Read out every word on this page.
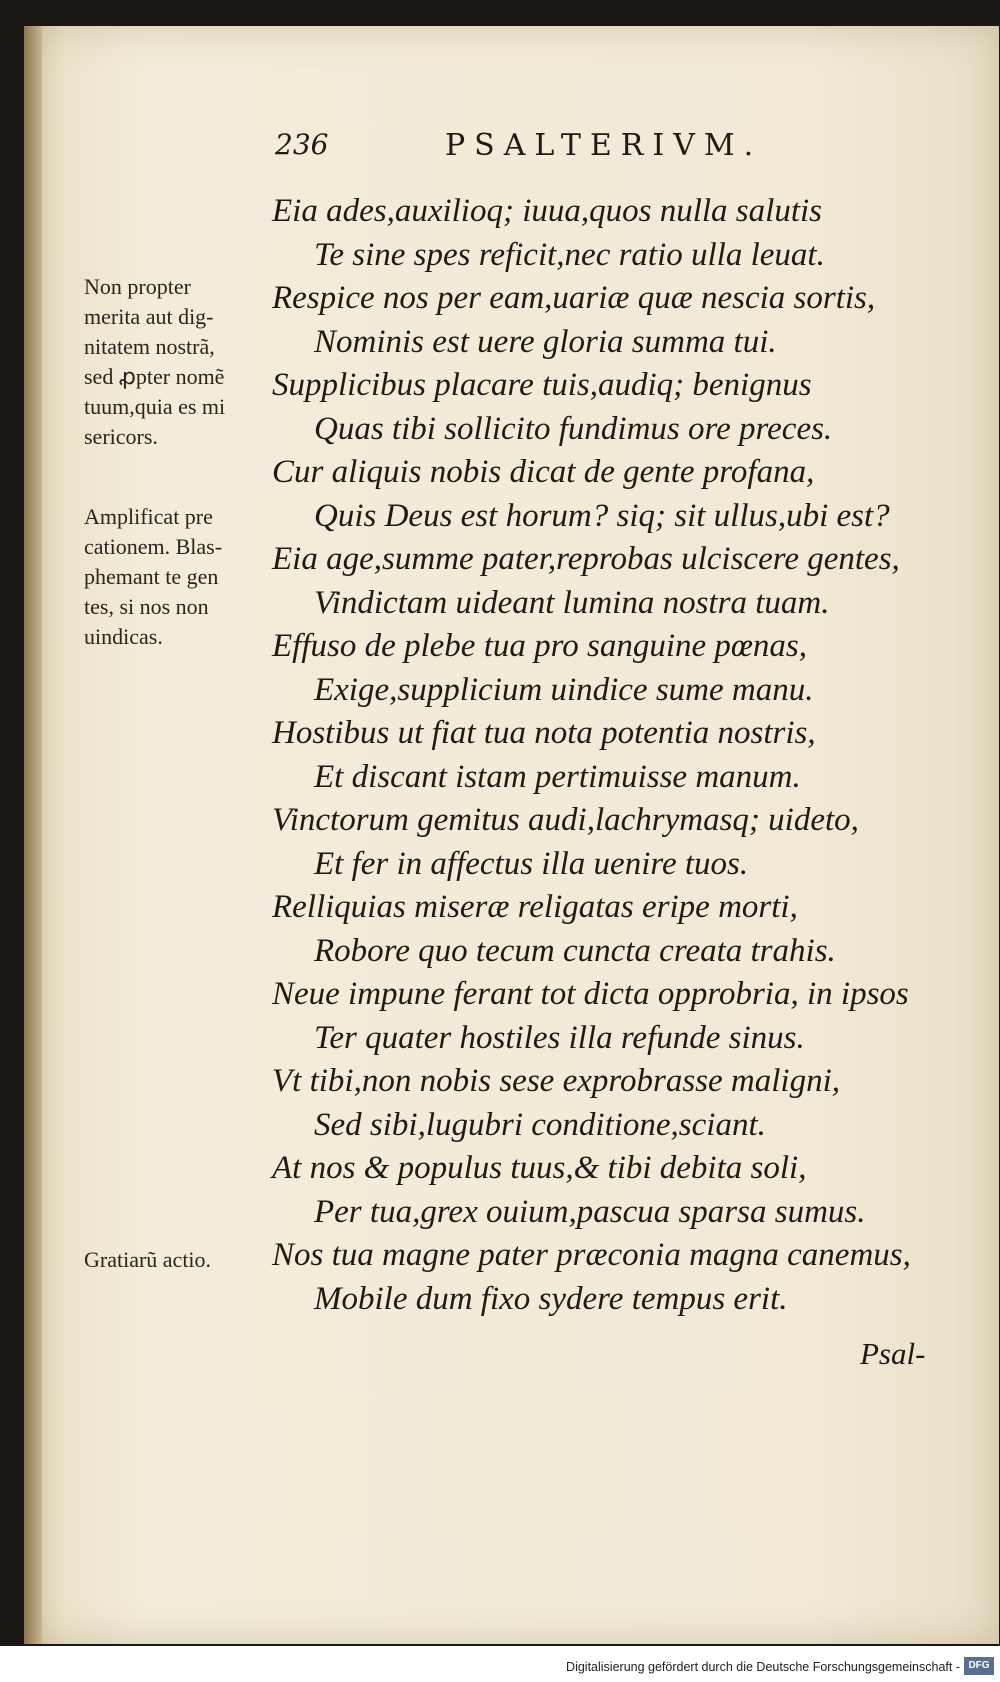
236	PSALTERIVM.
Eia ades,auxilioq; iuua,quos nulla salutis
Te sine spes reficit,nec ratio ulla leuat.
Respice nos per eam,uariæ quæ nescia sortis,
Nominis est uere gloria summa tui.
Supplicibus placare tuis,audiq; benignus
Quas tibi sollicito fundimus ore preces.
Cur aliquis nobis dicat de gente profana,
Quis Deus est horum? siq; sit ullus,ubi est?
Eia age,summe pater,reprobas ulciscere gentes,
Vindictam uideant lumina nostra tuam.
Effuso de plebe tua pro sanguine pœnas,
Exige,supplicium uindice sume manu.
Hostibus ut fiat tua nota potentia nostris,
Et discant istam pertimuisse manum.
Vinctorum gemitus audi,lachrymasq; uideto,
Et fer in affectus illa uenire tuos.
Relliquias miseræ religatas eripe morti,
Robore quo tecum cuncta creata trahis.
Neue impune ferant tot dicta opprobria, in ipsos
Ter quater hostiles illa refunde sinus.
Vt tibi,non nobis sese exprobrasse maligni,
Sed sibi,lugubri conditione,sciant.
At nos & populus tuus,& tibi debita soli,
Per tua,grex ouium,pascua sparsa sumus.
Nos tua magne pater præconia magna canemus,
Mobile dum fixo sydere tempus erit.
Non propter
merita aut dig-
nitatem nostrã,
sed ꝓpter nomẽ
tuum,quia es mi
sericors.
Amplificat pre
cationem. Blas-
phemant te gen
tes, si nos non
uindicas.
Gratiarũ actio.
Psal-
Digitalisierung gefördert durch die Deutsche Forschungsgemeinschaft - DFG
